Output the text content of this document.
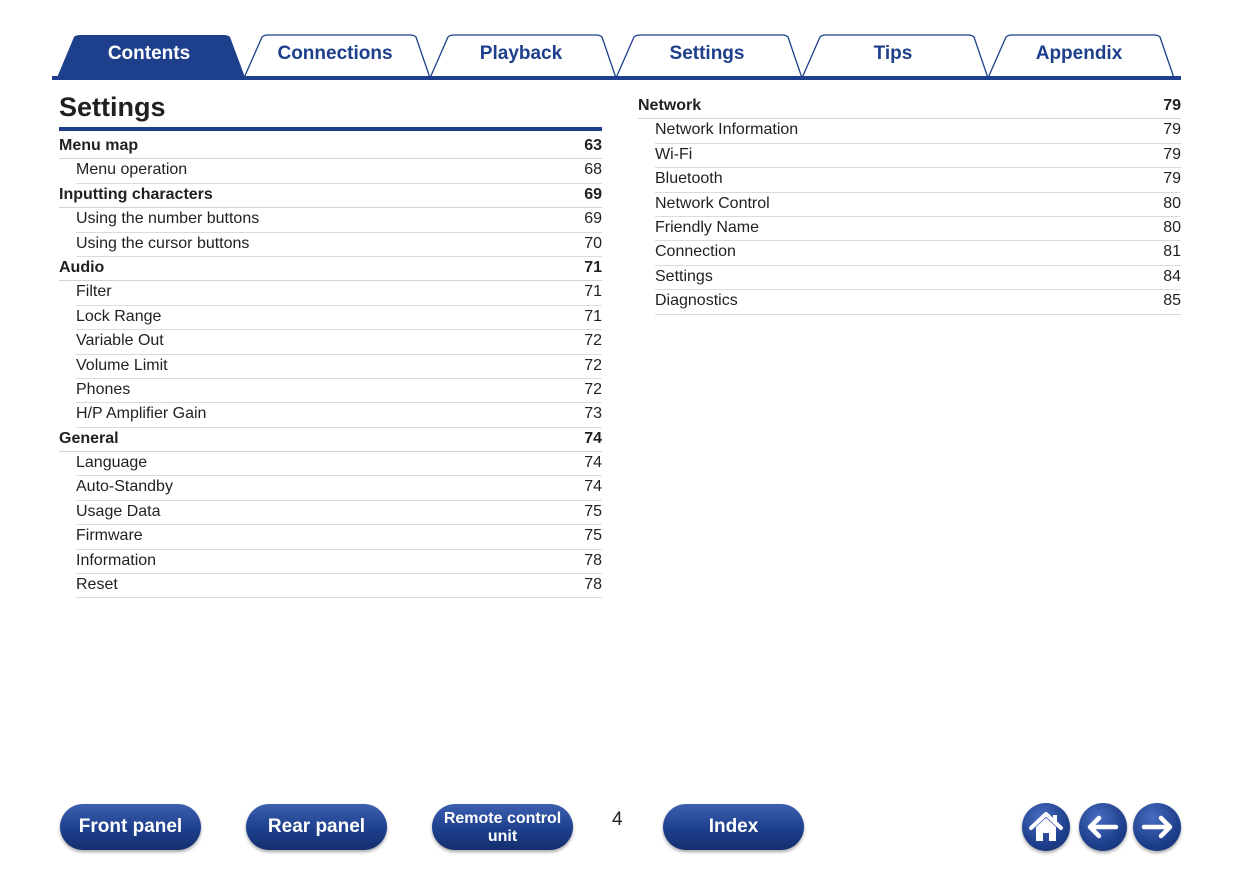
Contents	Connections	Playback	Settings	Tips	Appendix
Settings
Menu map	63
Menu operation	68
Inputting characters	69
Using the number buttons	69
Using the cursor buttons	70
Audio	71
Filter	71
Lock Range	71
Variable Out	72
Volume Limit	72
Phones	72
H/P Amplifier Gain	73
General	74
Language	74
Auto-Standby	74
Usage Data	75
Firmware	75
Information	78
Reset	78
Network	79
Network Information	79
Wi-Fi	79
Bluetooth	79
Network Control	80
Friendly Name	80
Connection	81
Settings	84
Diagnostics	85
Front panel	Rear panel	Remote control
unit
4	Index
